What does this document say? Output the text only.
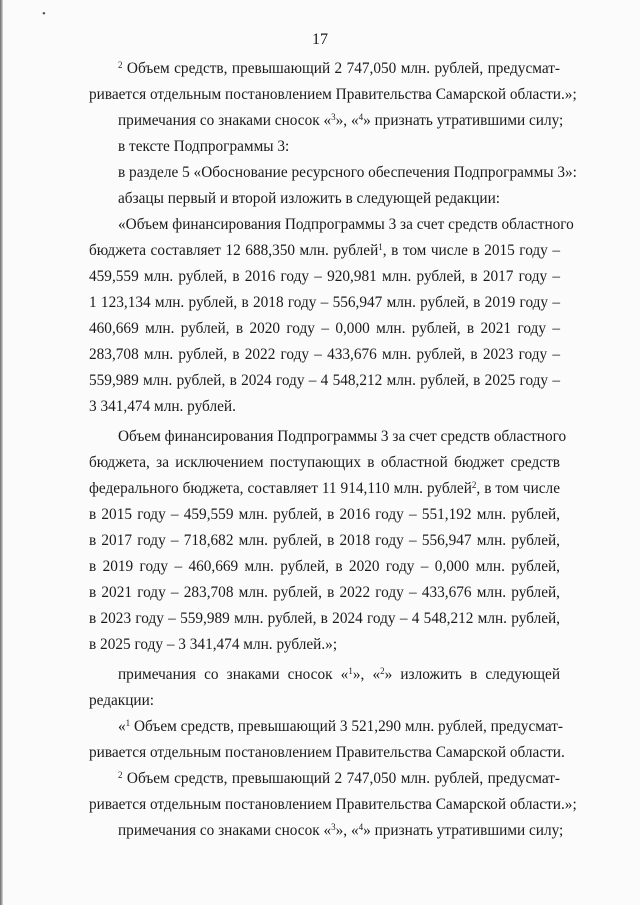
•
17
$^2$ Объем средств, превышающий 2 747,050 млн. рублей, предусмат-
ривается отдельным постановлением Правительства Самарской области.»;
примечания со знаками сносок «$^3$», «$^4$» признать утратившими силу;
в тексте Подпрограммы 3:
в разделе 5 «Обоснование ресурсного обеспечения Подпрограммы 3»:
абзацы первый и второй изложить в следующей редакции:
«Объем финансирования Подпрограммы 3 за счет средств областного
бюджета составляет 12 688,350 млн. рублей$^1$, в том числе в 2015 году –
459,559 млн. рублей, в 2016 году – 920,981 млн. рублей, в 2017 году –
1 123,134 млн. рублей, в 2018 году – 556,947 млн. рублей, в 2019 году –
460,669 млн. рублей, в 2020 году – 0,000 млн. рублей, в 2021 году –
283,708 млн. рублей, в 2022 году – 433,676 млн. рублей, в 2023 году –
559,989 млн. рублей, в 2024 году – 4 548,212 млн. рублей, в 2025 году –
3 341,474 млн. рублей.
Объем финансирования Подпрограммы 3 за счет средств областного
бюджета, за исключением поступающих в областной бюджет средств
федерального бюджета, составляет 11 914,110 млн. рублей$^2$, в том числе
в 2015 году – 459,559 млн. рублей, в 2016 году – 551,192 млн. рублей,
в 2017 году – 718,682 млн. рублей, в 2018 году – 556,947 млн. рублей,
в 2019 году – 460,669 млн. рублей, в 2020 году – 0,000 млн. рублей,
в 2021 году – 283,708 млн. рублей, в 2022 году – 433,676 млн. рублей,
в 2023 году – 559,989 млн. рублей, в 2024 году – 4 548,212 млн. рублей,
в 2025 году – 3 341,474 млн. рублей.»;
примечания со знаками сносок «$^1$», «$^2$» изложить в следующей
редакции:
«$^1$ Объем средств, превышающий 3 521,290 млн. рублей, предусмат-
ривается отдельным постановлением Правительства Самарской области.
$^2$ Объем средств, превышающий 2 747,050 млн. рублей, предусмат-
ривается отдельным постановлением Правительства Самарской области.»;
примечания со знаками сносок «$^3$», «$^4$» признать утратившими силу;
